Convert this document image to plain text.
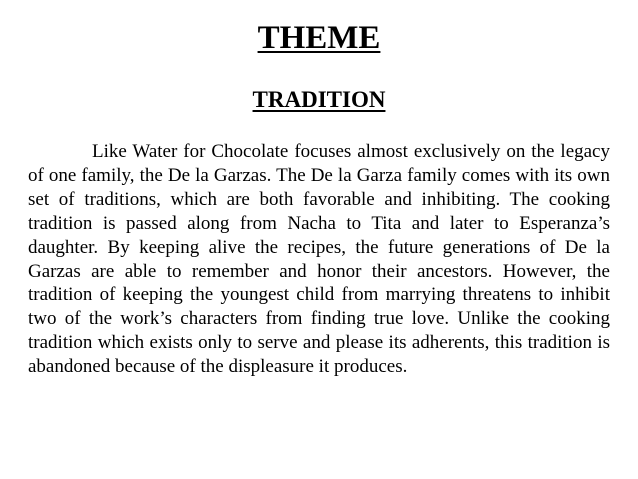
THEME
TRADITION

Like Water for Chocolate focuses almost exclusively on the legacy of one family, the De la Garzas. The De la Garza family comes with its own set of traditions, which are both favorable and inhibiting. The cooking tradition is passed along from Nacha to Tita and later to Esperanza’s daughter. By keeping alive the recipes, the future generations of De la Garzas are able to remember and honor their ancestors. However, the tradition of keeping the youngest child from marrying threatens to inhibit two of the work’s characters from finding true love. Unlike the cooking tradition which exists only to serve and please its adherents, this tradition is abandoned because of the displeasure it produces.
